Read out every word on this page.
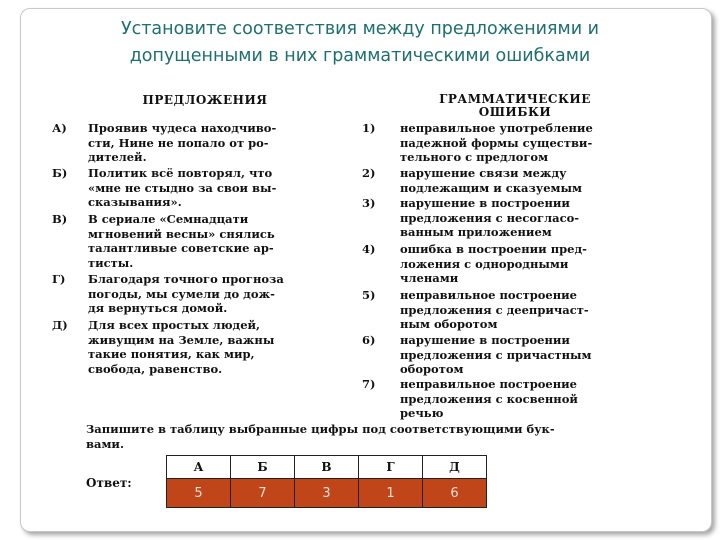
Установите соответствия между предложениями и
допущенными в них грамматическими ошибками
ПРЕДЛОЖЕНИЯ	ГРАММАТИЧЕСКИЕ
ОШИБКИ
А) Проявив чудеса находчиво-
сти, Нине не попало от ро-
дителей.
Б) Политик всё повторял, что
«мне не стыдно за свои вы-
сказывания».
В) В сериале «Семнадцати
мгновений весны» снялись
талантливые советские ар-
тисты.
Г) Благодаря точного прогноза
погоды, мы сумели до дож-
дя вернуться домой.
Д) Для всех простых людей,
живущим на Земле, важны
такие понятия, как мир,
свобода, равенство.
1) неправильное употребление
падежной формы существи-
тельного с предлогом
2) нарушение связи между
подлежащим и сказуемым
3) нарушение в построении
предложения с несогласо-
ванным приложением
4) ошибка в построении пред-
ложения с однородными
членами
5) неправильное построение
предложения с деепричаст-
ным оборотом
6) нарушение в построении
предложения с причастным
оборотом
7) неправильное построение
предложения с косвенной
речью
Запишите в таблицу выбранные цифры под соответствующими бук-
вами.
Ответ:
А	Б	В	Г	Д
5	7	3	1	6
